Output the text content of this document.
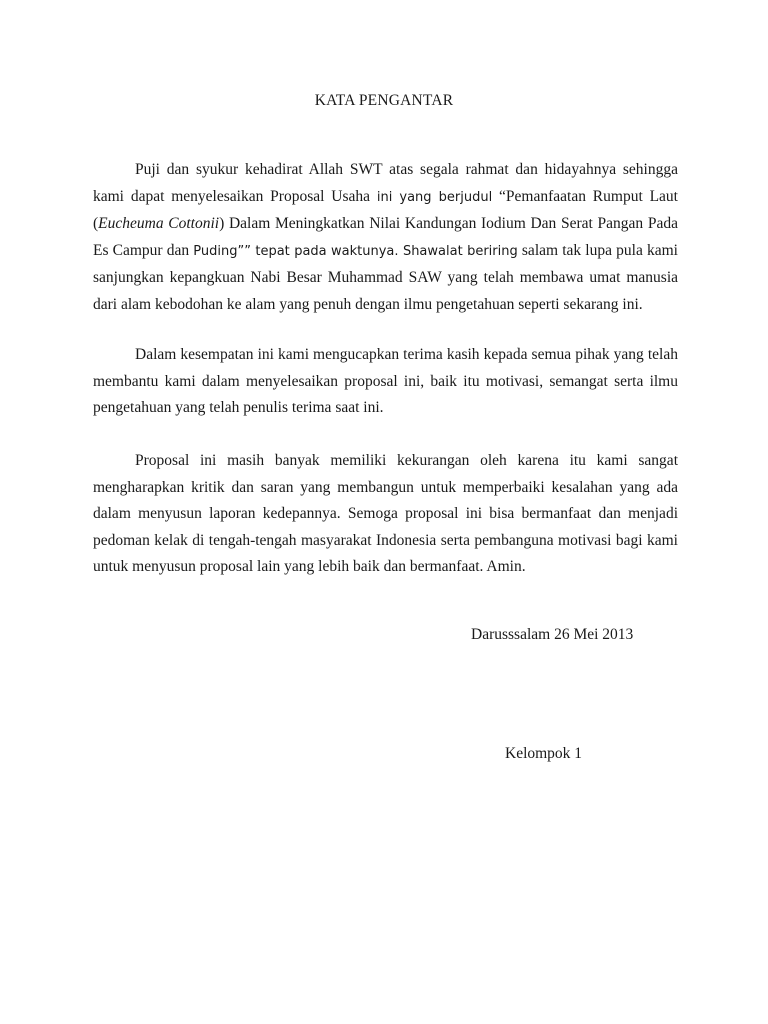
KATA PENGANTAR

Puji dan syukur kehadirat Allah SWT atas segala rahmat dan hidayahnya sehingga kami dapat menyelesaikan Proposal Usaha ini yang berjudul “Pemanfaatan Rumput Laut (Eucheuma Cottonii) Dalam Meningkatkan Nilai Kandungan Iodium Dan Serat Pangan Pada Es Campur dan Puding”” tepat pada waktunya. Shawalat beriring salam tak lupa pula kami sanjungkan kepangkuan Nabi Besar Muhammad SAW yang telah membawa umat manusia dari alam kebodohan ke alam yang penuh dengan ilmu pengetahuan seperti sekarang ini.

Dalam kesempatan ini kami mengucapkan terima kasih kepada semua pihak yang telah membantu kami dalam menyelesaikan proposal ini, baik itu motivasi, semangat serta ilmu pengetahuan yang telah penulis terima saat ini.

Proposal ini masih banyak memiliki kekurangan oleh karena itu kami sangat mengharapkan kritik dan saran yang membangun untuk memperbaiki kesalahan yang ada dalam menyusun laporan kedepannya. Semoga proposal ini bisa bermanfaat dan menjadi pedoman kelak di tengah-tengah masyarakat Indonesia serta pembanguna motivasi bagi kami untuk menyusun proposal lain yang lebih baik dan bermanfaat. Amin.

Darusssalam 26 Mei 2013
Kelompok 1
